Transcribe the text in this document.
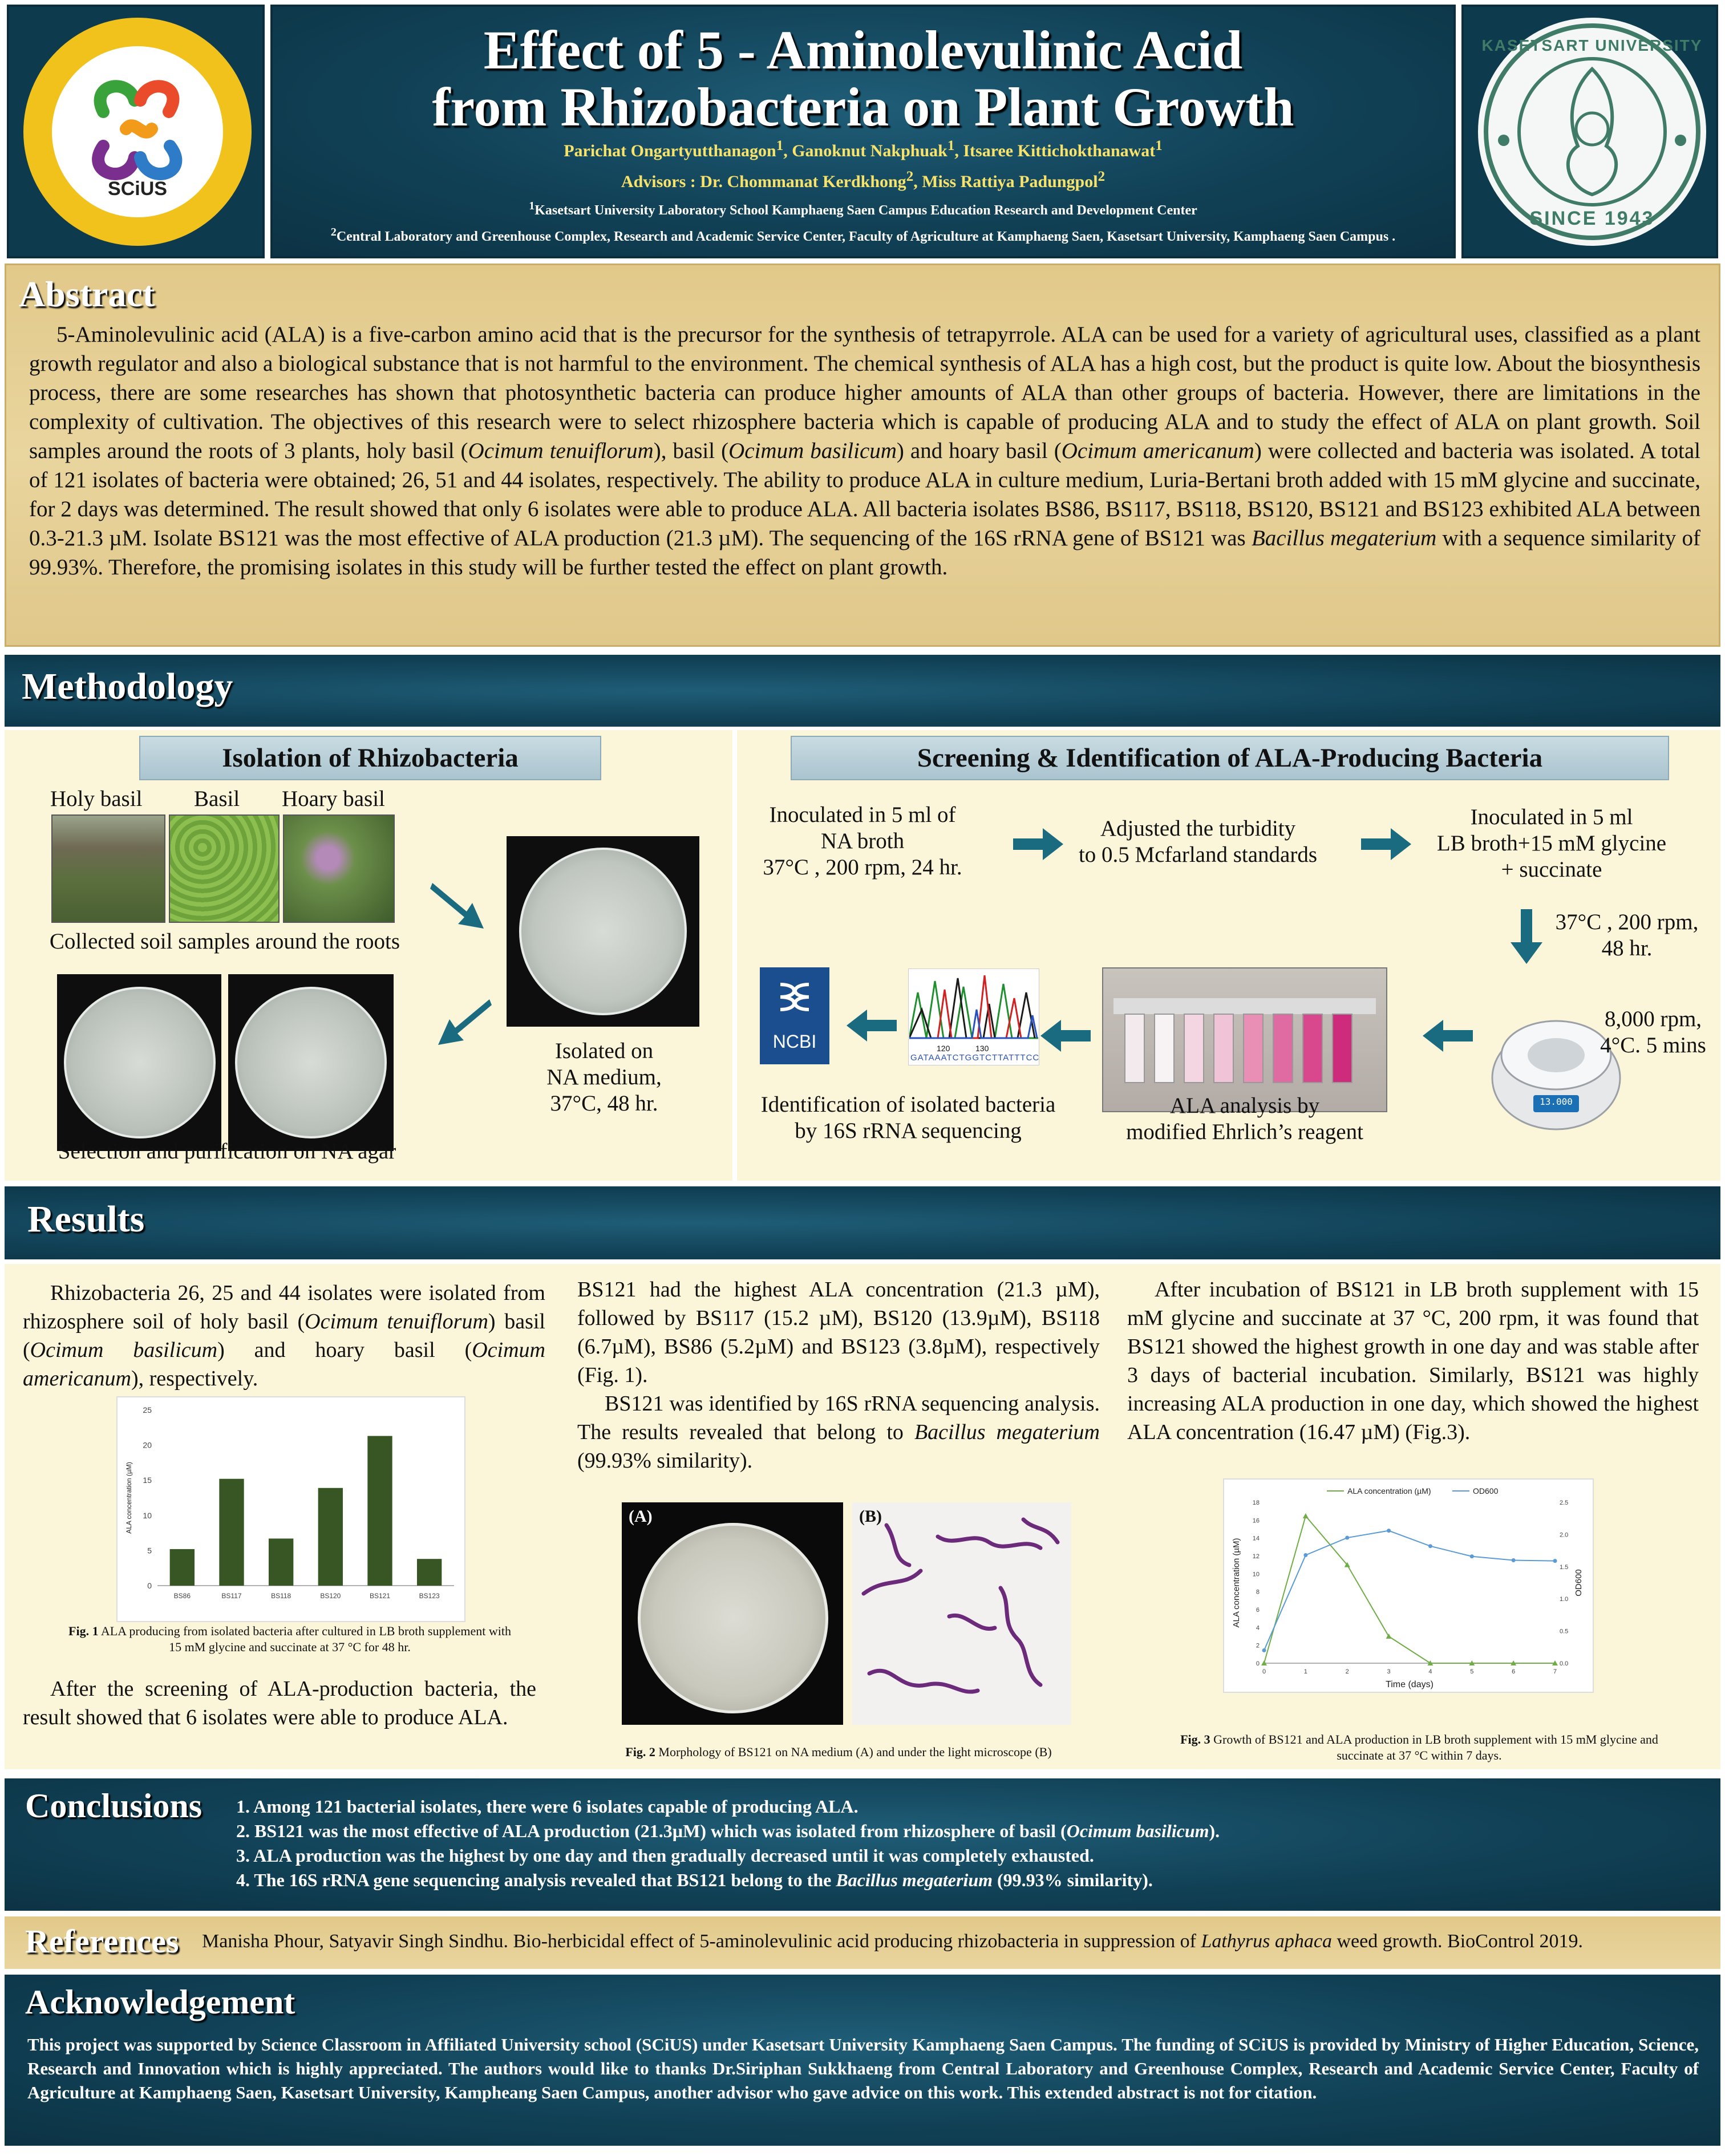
SCiUS
Effect of 5 - Aminolevulinic Acid
from Rhizobacteria on Plant Growth
Parichat Ongartyutthanagon$^1$, Ganoknut Nakphuak$^1$, Itsaree Kittichokthanawat$^1$
Advisors : Dr. Chommanat Kerdkhong$^2$, Miss Rattiya Padungpol$^2$
$^1$Kasetsart University Laboratory School Kamphaeng Saen Campus Education Research and Development Center
$^2$Central Laboratory and Greenhouse Complex, Research and Academic Service Center, Faculty of Agriculture at Kamphaeng Saen, Kasetsart University, Kamphaeng Saen Campus .
KASETSART UNIVERSITY
SINCE 1943
Abstract
5-Aminolevulinic acid (ALA) is a five-carbon amino acid that is the precursor for the synthesis of tetrapyrrole. ALA can be used for a variety of agricultural uses, classified as a plant growth regulator and also a biological substance that is not harmful to the environment. The chemical synthesis of ALA has a high cost, but the product is quite low. About the biosynthesis process, there are some researches has shown that photosynthetic bacteria can produce higher amounts of ALA than other groups of bacteria. However, there are limitations in the complexity of cultivation. The objectives of this research were to select rhizosphere bacteria which is capable of producing ALA and to study the effect of ALA on plant growth. Soil samples around the roots of 3 plants, holy basil (Ocimum tenuiflorum), basil (Ocimum basilicum) and hoary basil (Ocimum americanum) were collected and bacteria was isolated. A total of 121 isolates of bacteria were obtained; 26, 51 and 44 isolates, respectively. The ability to produce ALA in culture medium, Luria-Bertani broth added with 15 mM glycine and succinate, for 2 days was determined. The result showed that only 6 isolates were able to produce ALA. All bacteria isolates BS86, BS117, BS118, BS120, BS121 and BS123 exhibited ALA between 0.3-21.3 µM. Isolate BS121 was the most effective of ALA production (21.3 µM). The sequencing of the 16S rRNA gene of BS121 was Bacillus megaterium with a sequence similarity of 99.93%. Therefore, the promising isolates in this study will be further tested the effect on plant growth.
Methodology
Isolation of Rhizobacteria
Holy basil Basil Hoary basil
Collected soil samples around the roots
Isolated on
NA medium,
37°C, 48 hr.
Selection and purification on NA agar
Screening & Identification of ALA-Producing Bacteria
Inoculated in 5 ml of
NA broth
37°C , 200 rpm, 24 hr.
Adjusted the turbidity
to 0.5 Mcfarland standards
Inoculated in 5 ml
LB broth+15 mM glycine
+ succinate
37°C , 200 rpm,
48 hr.
13.000
8,000 rpm,
4°C. 5 mins
120	130
GATAAATCTGGTCTTATTTCC
NCBI
Identification of isolated bacteria
by 16S rRNA sequencing
ALA analysis by
modified Ehrlich’s reagent
Results
Rhizobacteria 26, 25 and 44 isolates were isolated from rhizosphere soil of holy basil (Ocimum tenuiflorum) basil (Ocimum basilicum) and hoary basil (Ocimum americanum), respectively.
0
5
10
15
20
25
ALA concentration (µM)
BS86	BS117	BS118	BS120	BS121	BS123
Fig. 1 ALA producing from isolated bacteria after cultured in LB broth supplement with 15 mM glycine and succinate at 37 °C for 48 hr.
After the screening of ALA-production bacteria, the result showed that 6 isolates were able to produce ALA.
BS121 had the highest ALA concentration (21.3 µM), followed by BS117 (15.2 µM), BS120 (13.9µM), BS118 (6.7µM), BS86 (5.2µM) and BS123 (3.8µM), respectively (Fig. 1).
BS121 was identified by 16S rRNA sequencing analysis. The results revealed that belong to Bacillus megaterium (99.93% similarity).
(A)	(B)
Fig. 2 Morphology of BS121 on NA medium (A) and under the light microscope (B)
After incubation of BS121 in LB broth supplement with 15 mM glycine and succinate at 37 °C, 200 rpm, it was found that BS121 showed the highest growth in one day and was stable after 3 days of bacterial incubation. Similarly, BS121 was highly increasing ALA production in one day, which showed the highest ALA concentration (16.47 µM) (Fig.3).
0
2
4
6
8
10
12
14
16
18
0.0
0.5
1.0
1.5
2.0
2.5
0	1	2	3	4	5	6	7
Time (days)
ALA concentration (µM)	OD600
ALA concentration (µM)	OD600
Fig. 3 Growth of BS121 and ALA production in LB broth supplement with 15 mM glycine and succinate at 37 °C within 7 days.
Conclusions 1. Among 121 bacterial isolates, there were 6 isolates capable of producing ALA.
2. BS121 was the most effective of ALA production (21.3µM) which was isolated from rhizosphere of basil (Ocimum basilicum).
3. ALA production was the highest by one day and then gradually decreased until it was completely exhausted.
4. The 16S rRNA gene sequencing analysis revealed that BS121 belong to the Bacillus megaterium (99.93% similarity).
References Manisha Phour, Satyavir Singh Sindhu. Bio-herbicidal effect of 5-aminolevulinic acid producing rhizobacteria in suppression of Lathyrus aphaca weed growth. BioControl 2019.
Acknowledgement
This project was supported by Science Classroom in Affiliated University school (SCiUS) under Kasetsart University Kamphaeng Saen Campus. The funding of SCiUS is provided by Ministry of Higher Education, Science, Research and Innovation which is highly appreciated. The authors would like to thanks Dr.Siriphan Sukkhaeng from Central Laboratory and Greenhouse Complex, Research and Academic Service Center, Faculty of Agriculture at Kamphaeng Saen, Kasetsart University, Kampheang Saen Campus, another advisor who gave advice on this work. This extended abstract is not for citation.
